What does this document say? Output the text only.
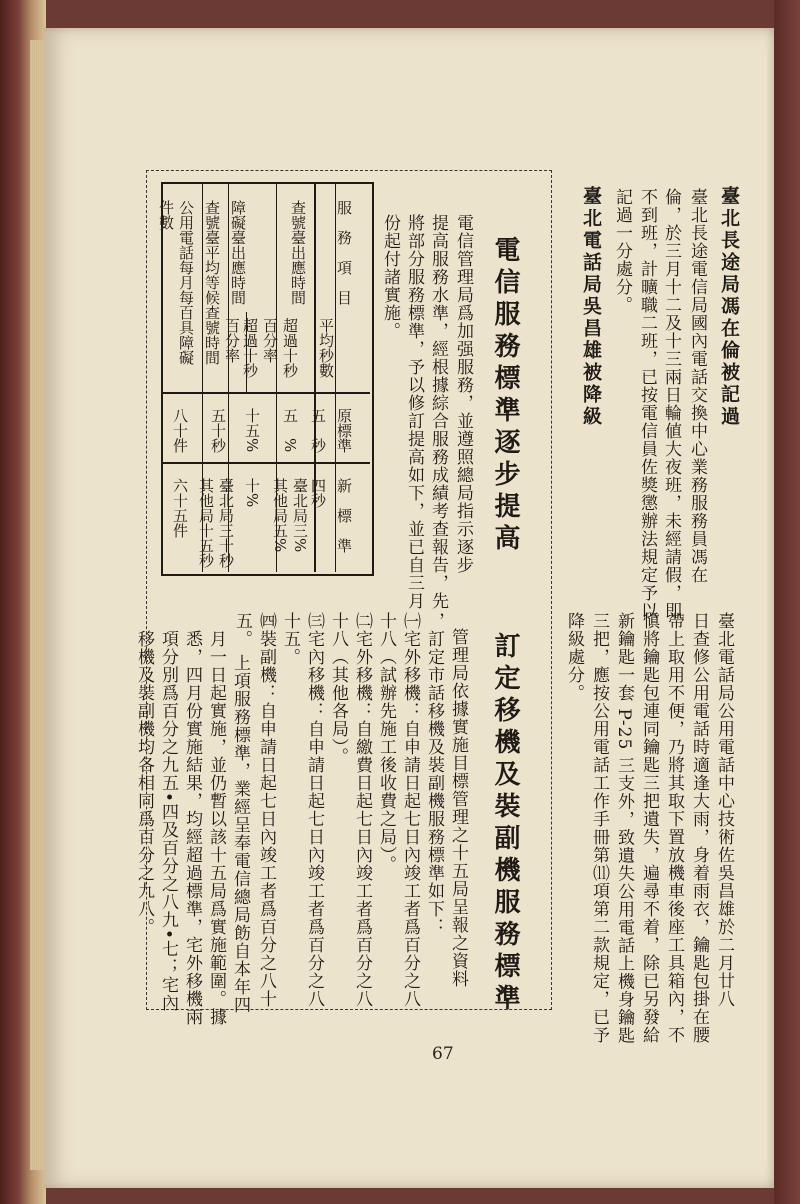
臺北長途局馮在倫被記過
臺北長途電信局國內電話交換中心業務服務員馮在
倫，於三月十二及十三兩日輪値大夜班，未經請假，即
不到班，計曠職二班，已按電信員佐獎懲辦法規定予以
記過一分處分。
臺北電話局吳昌雄被降級
臺北電話局公用電話中心技術佐吳昌雄於二月廿八
日查修公用電話時適逢大雨，身着雨衣，鑰匙包掛在腰
帶上取用不便，乃將其取下置放機車後座工具箱內，不
愼將鑰匙包連同鑰匙三把遺失，遍尋不着，除已另發給
新鑰匙一套 P-25 三支外，致遺失公用電話上機身鑰匙
三把，應按公用電話工作手冊第⑾項第二款規定，已予
降級處分。
電信服務標準逐步提高
電信管理局爲加强服務，並遵照總局指示逐步
提高服務水準，經根據綜合服務成績考查報告，先
將部分服務標準，予以修訂提高如下，並已自三月
份起付諸實施。
訂定移機及裝副機服務標準
管理局依據實施目標管理之十五局呈報之資料
，訂定市話移機及裝副機服務標準如下：
㈠宅外移機：自申請日起七日內竣工者爲百分之八
十八（試辦先施工後收費之局）。
㈡宅外移機：自繳費日起七日內竣工者爲百分之八
十八（其他各局）。
㈢宅內移機：自申請日起七日內竣工者爲百分之八
十五。
㈣裝副機：自申請日起七日內竣工者爲百分之八十
五。
上項服務標準，業經呈奉電信總局飭自本年四
月一日起實施，並仍暫以該十五局爲實施範圍。據
悉，四月份實施結果，均經超過標準，宅外移機兩
項分別爲百分之九五•四及百分之八九•七；宅內
移機及裝副機均各相同爲百分之九八。
服　務　項　目
查號臺出應時間
平均秒數
超過十秒
百分率
障礙臺出應時間
超過十秒
百分率
查號臺平均等候查號時間
公用電話每月每百具障礙
件數
原標準
五　秒
五　%
十五%
五十秒
八十件
新　標　準
四秒
臺北局三%
其他局五%
十%
臺北局三十秒
其他局十五秒
六十五件
67
